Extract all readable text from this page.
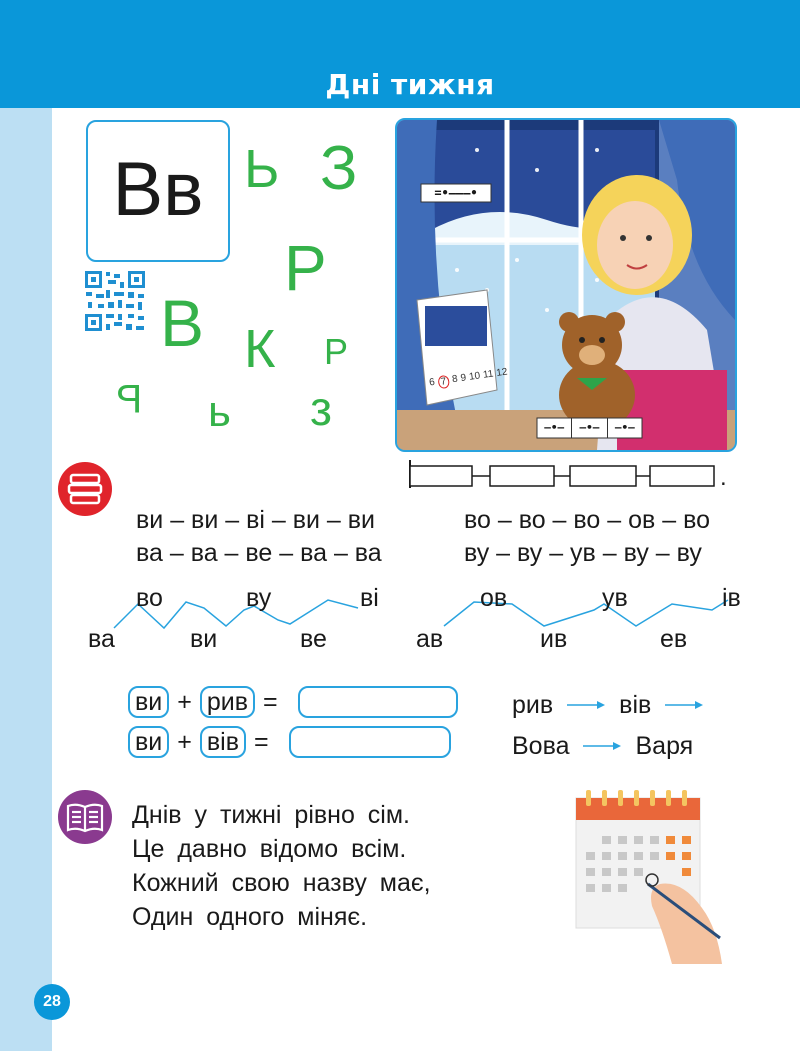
Дні тижня
Вв Ь З
Р
В К Р
Ь ь з
=•–––•
–•–	–•–	–•–
6 7 8 9 10 11 12
.
ви – ви – ві – ви – ви
ва – ва – ве – ва – ва
во – во – во – ов – во
ву – ву – ув – ву – ву
во	ву	ві
ва	ви	ве
ов	ув	ів
ав	ив	ев
ви + рив =
ви + вів =
рив	вів
Вова	Варя
Днів у тижні рівно сім.
Це давно відомо всім.
Кожний свою назву має,
Один одного міняє.
28
